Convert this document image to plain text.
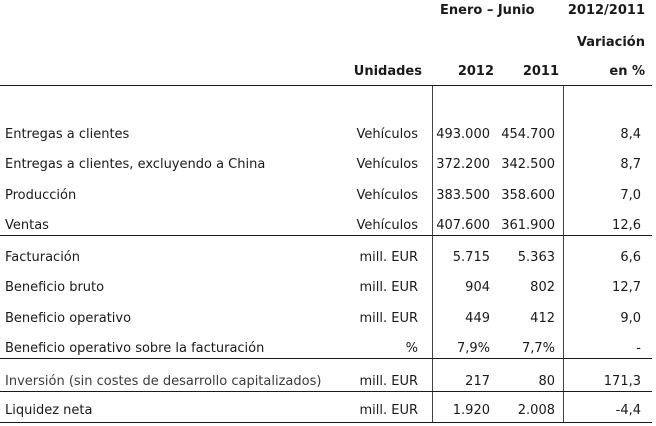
Enero – Junio	2012/2011
Variación
Unidades	2012 2011	en %
Entregas a clientes	Vehículos 493.000 454.700	8,4
Entregas a clientes, excluyendo a China	Vehículos 372.200 342.500	8,7
Producción	Vehículos 383.500 358.600	7,0
Ventas	Vehículos 407.600 361.900	12,6
Facturación	mill. EUR	5.715 5.363	6,6
Beneficio bruto	mill. EUR	904	802	12,7
Beneficio operativo	mill. EUR	449	412	9,0
Beneficio operativo sobre la facturación	%	7,9% 7,7%	-
Inversión (sin costes de desarrollo capitalizados)	mill. EUR	217	80	171,3
Liquidez neta	mill. EUR	1.920 2.008	-4,4
